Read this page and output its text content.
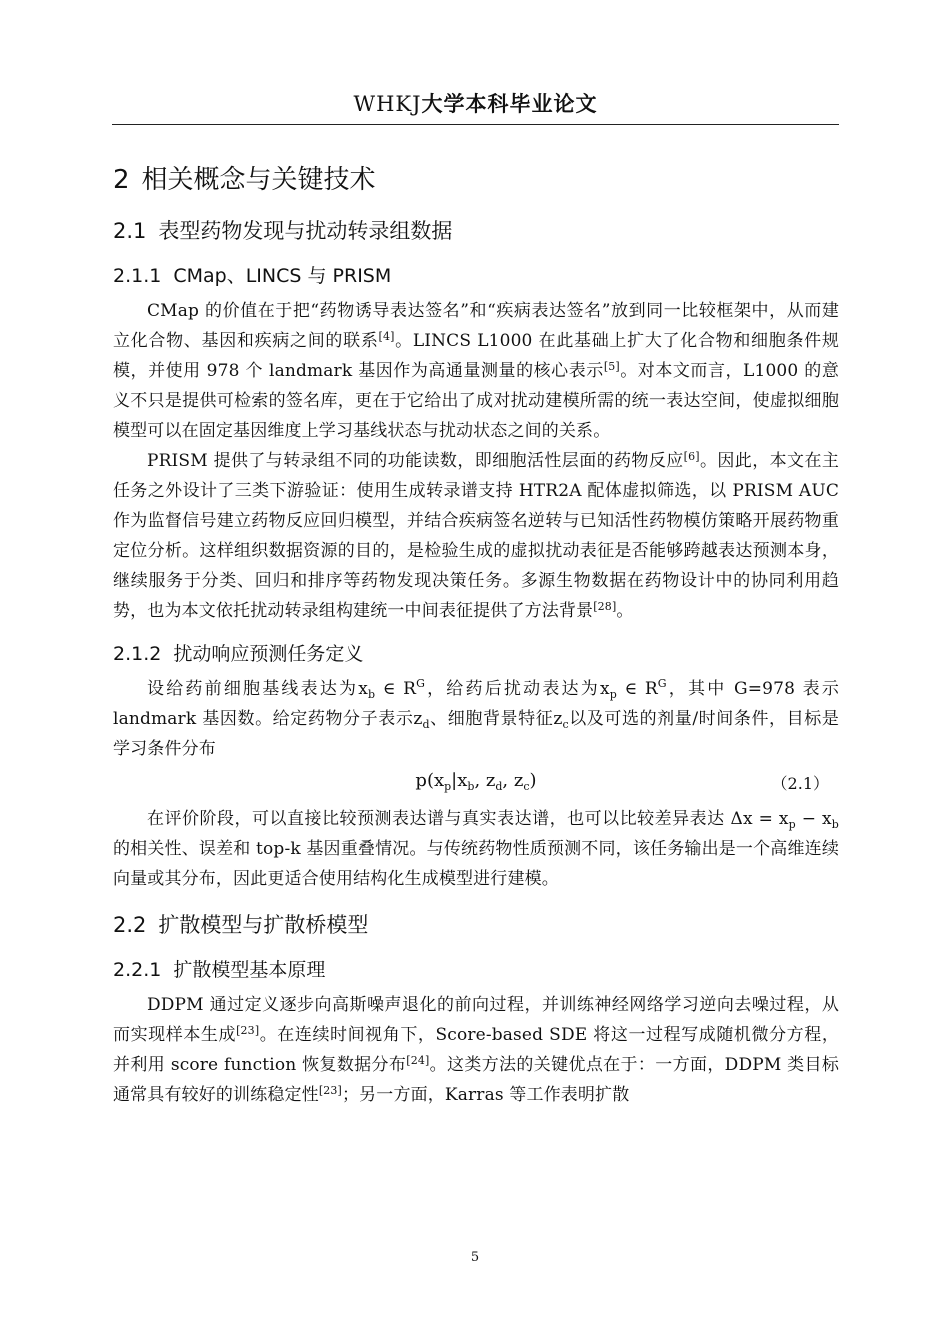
WHKJ大学本科毕业论文
2 相关概念与关键技术
2.1 表型药物发现与扰动转录组数据
2.1.1 CMap、LINCS 与 PRISM

CMap 的价值在于把“药物诱导表达签名”和“疾病表达签名”放到同一比较框架中，从而建立化合物、基因和疾病之间的联系[4]。LINCS L1000 在此基础上扩大了化合物和细胞条件规模，并使用 978 个 landmark 基因作为高通量测量的核心表示[5]。对本文而言，L1000 的意义不只是提供可检索的签名库，更在于它给出了成对扰动建模所需的统一表达空间，使虚拟细胞模型可以在固定基因维度上学习基线状态与扰动状态之间的关系。

PRISM 提供了与转录组不同的功能读数，即细胞活性层面的药物反应[6]。因此，本文在主任务之外设计了三类下游验证：使用生成转录谱支持 HTR2A 配体虚拟筛选，以 PRISM AUC 作为监督信号建立药物反应回归模型，并结合疾病签名逆转与已知活性药物模仿策略开展药物重定位分析。这样组织数据资源的目的，是检验生成的虚拟扰动表征是否能够跨越表达预测本身，继续服务于分类、回归和排序等药物发现决策任务。多源生物数据在药物设计中的协同利用趋势，也为本文依托扰动转录组构建统一中间表征提供了方法背景[28]。

2.1.2 扰动响应预测任务定义

设给药前细胞基线表达为$x_b$ ∈ $R^G$，给药后扰动表达为$x_p$ ∈ $R^G$，其中 G=978 表示 landmark 基因数。给定药物分子表示$z_d$、细胞背景特征$z_c$以及可选的剂量/时间条件，目标是学习条件分布

$p(x_p|x_b$, $z_d$, $z_c$)	（2.1）

在评价阶段，可以直接比较预测表达谱与真实表达谱，也可以比较差异表达 $\Delta x = x_p - x_b$的相关性、误差和 top-k 基因重叠情况。与传统药物性质预测不同，该任务输出是一个高维连续向量或其分布，因此更适合使用结构化生成模型进行建模。

2.2 扩散模型与扩散桥模型
2.2.1 扩散模型基本原理

DDPM 通过定义逐步向高斯噪声退化的前向过程，并训练神经网络学习逆向去噪过程，从而实现样本生成[23]。在连续时间视角下，Score-based SDE 将这一过程写成随机微分方程，并利用 score function 恢复数据分布[24]。这类方法的关键优点在于：一方面，DDPM 类目标通常具有较好的训练稳定性[23]；另一方面，Karras 等工作表明扩散

5
